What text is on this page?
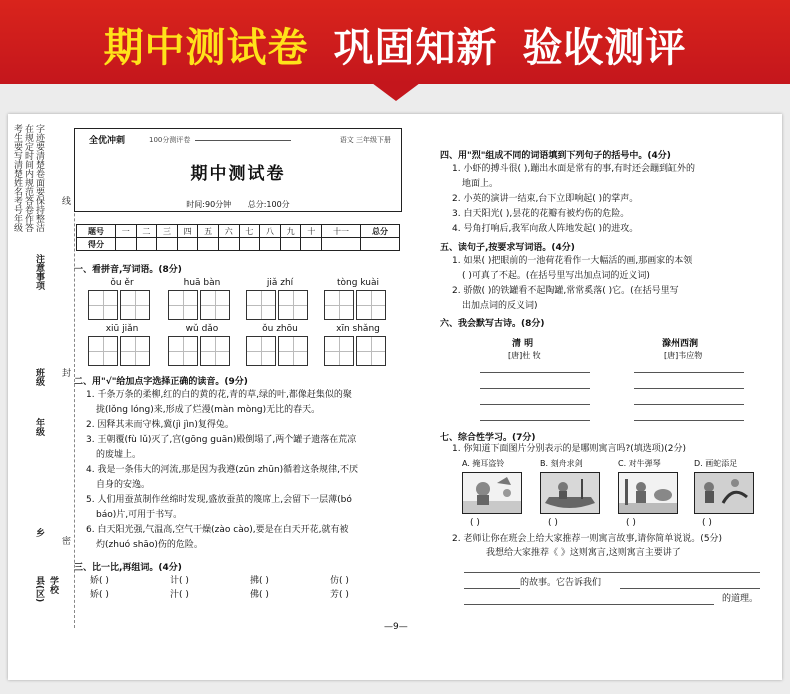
期中测试卷 巩固知新 验收测评
考生要写清楚姓名考号年级 在规定时间内规范答卷作答 字迹要清楚卷面要保持整洁
注意事项
班级
年级
乡
县(区) 学校
线
封
密
全优冲刺	100分测评卷	语文 三年级下册
期中测试卷
时间:90分钟 总分:100分
题号	一	二	三	四	五	六	七	八	九	十	十一	总分
得分												
一、看拼音,写词语。(8分)
ǒu ěr	huā bàn	jiǎ zhí	tòng kuài
xiū jiǎn	wǔ dǎo	ǒu zhōu	xīn shǎng
二、用"√"给加点字选择正确的读音。(9分)
1. 千条万条的柔柳,红的白的黄的花,青的草,绿的叶,都像赶集似的聚
拢(lǒng lóng)来,形成了烂漫(màn mòng)无比的春天。
2. 因释其耒而守株,冀(jì jìn)复得兔。
3. 王朝覆(fù lǔ)灭了,宫(gōng guān)殿倒塌了,两个罐子遗落在荒凉
的废墟上。
4. 我是一条伟大的河流,那是因为我遵(zūn zhūn)循着这条规律,不厌
自身的安逸。
5. 人们用蚕茧制作丝绵时发现,盛放蚕茧的篾席上,会留下一层薄(bó
báo)片,可用于书写。
6. 白天阳光强,气温高,空气干燥(zào cào),要是在白天开花,就有被
灼(zhuó shāo)伤的危险。
三、比一比,再组词。(4分)
娇( )	计( )	拂( )	仿( )
娇( )	汁( )	佛( )	芳( )
四、用"烈"组成不同的词语填到下列句子的括号中。(4分)
1. 小虾的搏斗很( ),蹦出水面是常有的事,有时还会蹦到缸外的
地面上。
2. 小英的演讲一结束,台下立即响起( )的掌声。
3. 白天阳光( ),昙花的花瓣有被灼伤的危险。
4. 号角打响后,我军向敌人阵地发起( )的进攻。
五、读句子,按要求写词语。(4分)
1. 如果( )把眼前的一池荷花看作一大幅活的画,那画家的本领
( )可真了不起。(在括号里写出加点词的近义词)
2. 骄傲( )的铁罐看不起陶罐,常常奚落( )它。(在括号里写
出加点词的反义词)
六、我会默写古诗。(8分)
清 明
[唐]杜 牧
滁州西涧
[唐]韦应物
七、综合性学习。(7分)
1. 你知道下面图片分别表示的是哪则寓言吗?(填选项)(2分)
A. 掩耳盗铃	B. 刻舟求剑	C. 对牛弹琴	D. 画蛇添足
( )	( )	( )	( )
2. 老师让你在班会上给大家推荐一则寓言故事,请你简单说说。(5分)
我想给大家推荐《 》这则寓言,这则寓言主要讲了
的故事。它告诉我们
的道理。
—9—
